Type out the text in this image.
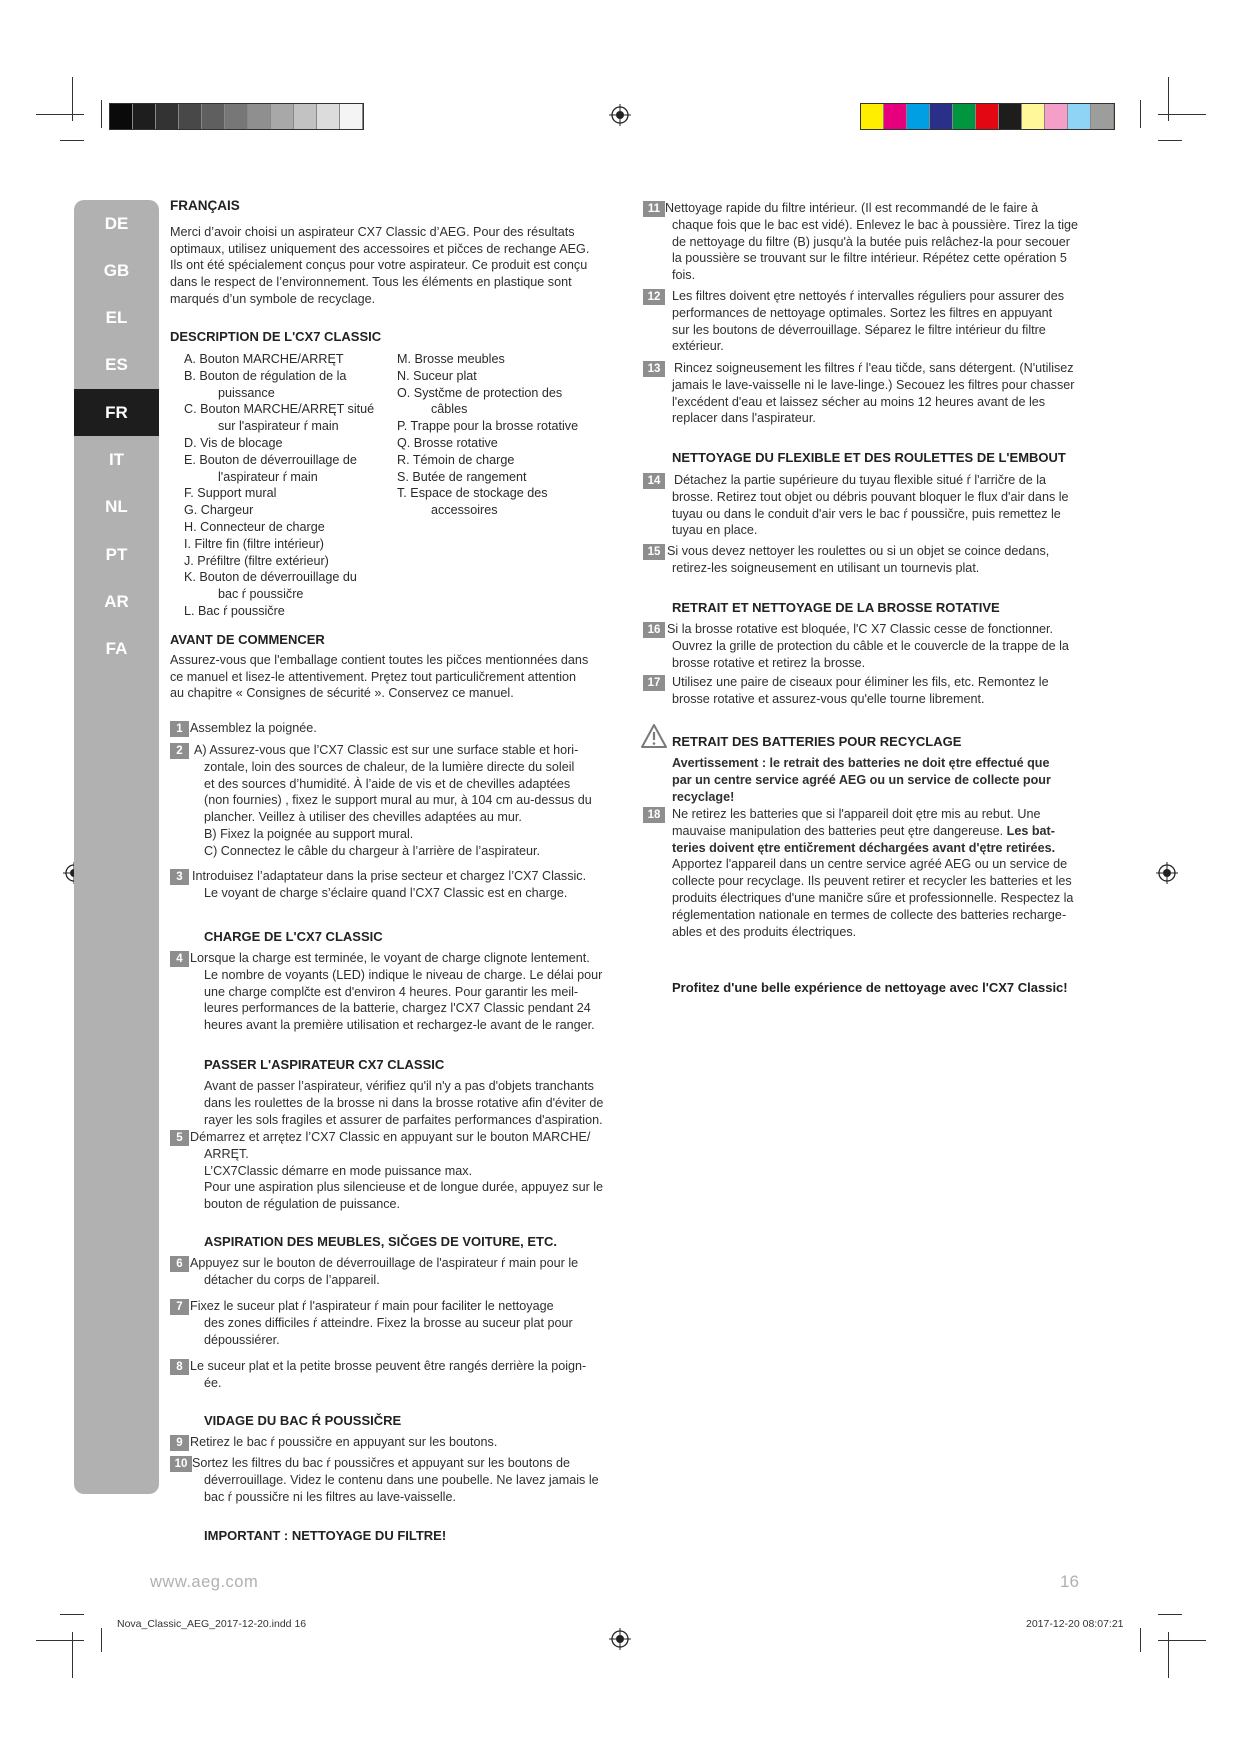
DE
GB
EL
ES
FR
IT
NL
PT
AR
FA

FRANÇAIS

Merci d’avoir choisi un aspirateur CX7 Classic d’AEG. Pour des résultats

optimaux, utilisez uniquement des accessoires et pičces de rechange AEG.

Ils ont été spécialement conçus pour votre aspirateur. Ce produit est conçu

dans le respect de l’environnement. Tous les éléments en plastique sont

marqués d’un symbole de recyclage.

DESCRIPTION DE L'CX7 CLASSIC

A. Bouton MARCHE/ARRĘT
B. Bouton de régulation de la
puissance
C. Bouton MARCHE/ARRĘT situé
sur l'aspirateur ŕ main
D. Vis de blocage
E. Bouton de déverrouillage de
l'aspirateur ŕ main
F. Support mural
G. Chargeur
H. Connecteur de charge
I. Filtre fin (filtre intérieur)
J. Préfiltre (filtre extérieur)
K. Bouton de déverrouillage du
bac ŕ poussičre
L. Bac ŕ poussičre
M. Brosse meubles
N. Suceur plat
O. Systčme de protection des
câbles
P. Trappe pour la brosse rotative
Q. Brosse rotative
R. Témoin de charge
S. Butée de rangement
T. Espace de stockage des
accessoires

AVANT DE COMMENCER

Assurez-vous que l'emballage contient toutes les pičces mentionnées dans

ce manuel et lisez-le attentivement. Prętez tout particuličrement attention

au chapitre « Consignes de sécurité ». Conservez ce manuel.

1 Assemblez la poignée.

2 A) Assurez-vous que l’CX7 Classic est sur une surface stable et hori-

zontale, loin des sources de chaleur, de la lumière directe du soleil

et des sources d’humidité. À l’aide de vis et de chevilles adaptées

(non fournies) , fixez le support mural au mur, à 104 cm au-dessus du

plancher. Veillez à utiliser des chevilles adaptées au mur.

B) Fixez la poignée au support mural.

C) Connectez le câble du chargeur à l’arrière de l’aspirateur.

3 Introduisez l’adaptateur dans la prise secteur et chargez l’CX7 Classic.

Le voyant de charge s’éclaire quand l’CX7 Classic est en charge.

CHARGE DE L'CX7 CLASSIC

4 Lorsque la charge est terminée, le voyant de charge clignote lentement.

Le nombre de voyants (LED) indique le niveau de charge. Le délai pour

une charge complčte est d'environ 4 heures. Pour garantir les meil-

leures performances de la batterie, chargez l'CX7 Classic pendant 24

heures avant la première utilisation et rechargez-le avant de le ranger.

PASSER L'ASPIRATEUR CX7 CLASSIC

Avant de passer l’aspirateur, vérifiez qu'il n'y a pas d'objets tranchants

dans les roulettes de la brosse ni dans la brosse rotative afin d'éviter de

rayer les sols fragiles et assurer de parfaites performances d'aspiration.

5 Démarrez et arrętez l’CX7 Classic en appuyant sur le bouton MARCHE/

ARRĘT.

L’CX7Classic démarre en mode puissance max.

Pour une aspiration plus silencieuse et de longue durée, appuyez sur le

bouton de régulation de puissance.

ASPIRATION DES MEUBLES, SIČGES DE VOITURE, ETC.

6 Appuyez sur le bouton de déverrouillage de l'aspirateur ŕ main pour le

détacher du corps de l’appareil.

7 Fixez le suceur plat ŕ l'aspirateur ŕ main pour faciliter le nettoyage

des zones difficiles ŕ atteindre. Fixez la brosse au suceur plat pour

dépoussiérer.

8 Le suceur plat et la petite brosse peuvent être rangés derrière la poign-

ée.

VIDAGE DU BAC Ŕ POUSSIČRE

9 Retirez le bac ŕ poussičre en appuyant sur les boutons.

10 Sortez les filtres du bac ŕ poussičres et appuyant sur les boutons de

déverrouillage. Videz le contenu dans une poubelle. Ne lavez jamais le

bac ŕ poussičre ni les filtres au lave-vaisselle.

IMPORTANT : NETTOYAGE DU FILTRE!

11 Nettoyage rapide du filtre intérieur. (Il est recommandé de le faire à

chaque fois que le bac est vidé). Enlevez le bac à poussière. Tirez la tige

de nettoyage du filtre (B) jusqu'à la butée puis relâchez-la pour secouer

la poussière se trouvant sur le filtre intérieur. Répétez cette opération 5

fois.

12 Les filtres doivent ętre nettoyés ŕ intervalles réguliers pour assurer des

performances de nettoyage optimales. Sortez les filtres en appuyant

sur les boutons de déverrouillage. Séparez le filtre intérieur du filtre

extérieur.

13	Rincez soigneusement les filtres ŕ l'eau tičde, sans détergent. (N'utilisez

jamais le lave-vaisselle ni le lave-linge.) Secouez les filtres pour chasser

l'excédent d'eau et laissez sécher au moins 12 heures avant de les

replacer dans l'aspirateur.

NETTOYAGE DU FLEXIBLE ET DES ROULETTES DE L'EMBOUT

14	Détachez la partie supérieure du tuyau flexible situé ŕ l'arričre de la

brosse. Retirez tout objet ou débris pouvant bloquer le flux d'air dans le

tuyau ou dans le conduit d'air vers le bac ŕ poussičre, puis remettez le

tuyau en place.

15 Si vous devez nettoyer les roulettes ou si un objet se coince dedans,

retirez-les soigneusement en utilisant un tournevis plat.

RETRAIT ET NETTOYAGE DE LA BROSSE ROTATIVE

16 Si la brosse rotative est bloquée, l'C X7 Classic cesse de fonctionner.

Ouvrez la grille de protection du câble et le couvercle de la trappe de la

brosse rotative et retirez la brosse.

17 Utilisez une paire de ciseaux pour éliminer les fils, etc. Remontez le

brosse rotative et assurez-vous qu'elle tourne librement.

RETRAIT DES BATTERIES POUR RECYCLAGE

Avertissement : le retrait des batteries ne doit ętre effectué que

par un centre service agréé AEG ou un service de collecte pour

recyclage!

18 Ne retirez les batteries que si l'appareil doit ętre mis au rebut. Une

mauvaise manipulation des batteries peut ętre dangereuse. Les bat-

teries doivent ętre entičrement déchargées avant d'ętre retirées.

Apportez l'appareil dans un centre service agréé AEG ou un service de

collecte pour recyclage. Ils peuvent retirer et recycler les batteries et les

produits électriques d'une maničre sűre et professionnelle. Respectez la

réglementation nationale en termes de collecte des batteries recharge-

ables et des produits électriques.

Profitez d'une belle expérience de nettoyage avec l'CX7 Classic!

www.aeg.com	16
Nova_Classic_AEG_2017-12-20.indd 16	2017-12-20 08:07:21
